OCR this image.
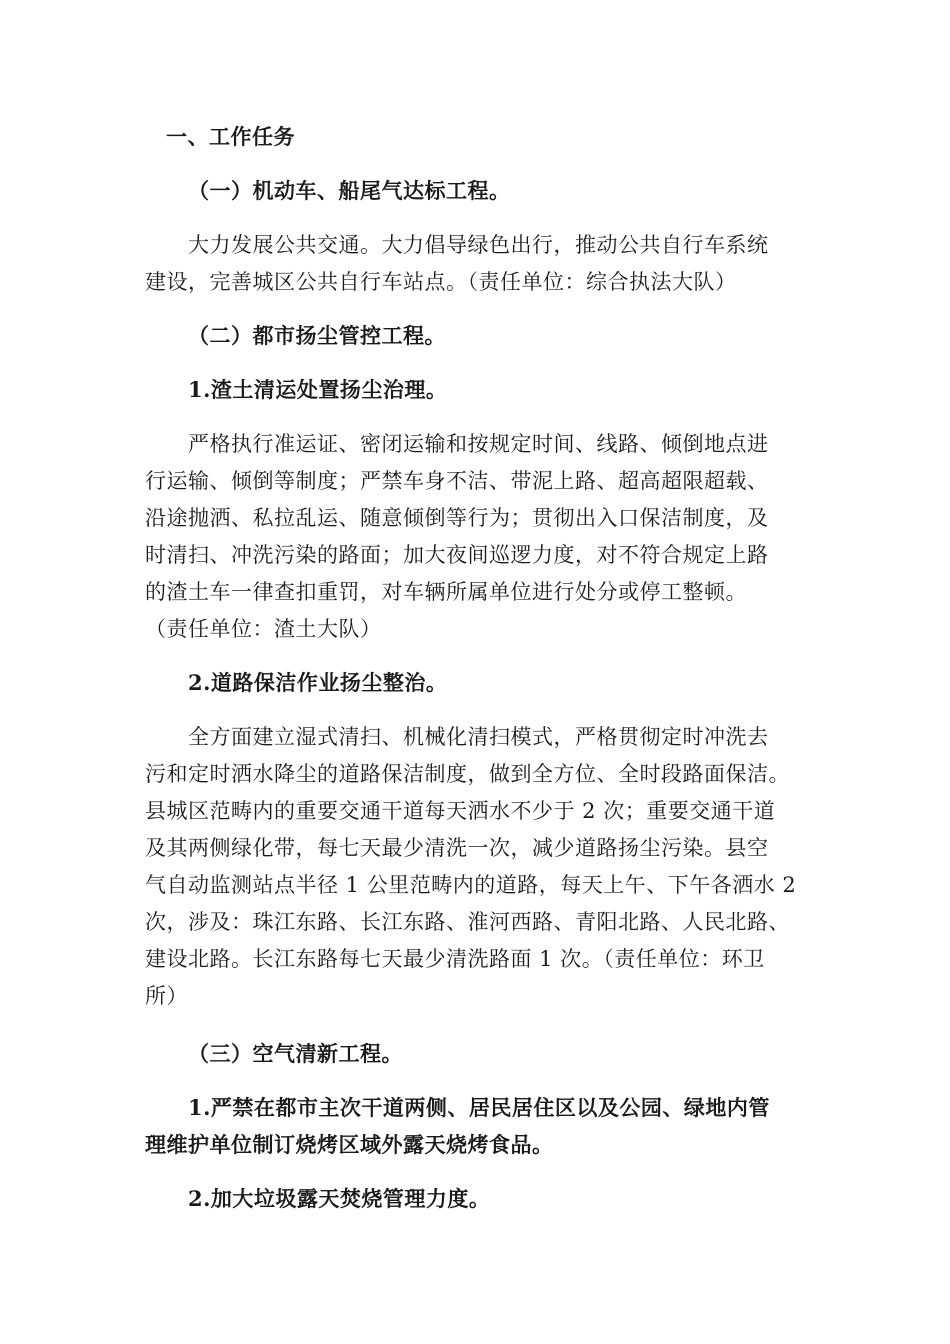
一、工作任务
（一）机动车、船尾气达标工程。
大力发展公共交通。大力倡导绿色出行，推动公共自行车系统
建设，完善城区公共自行车站点。（责任单位：综合执法大队）
（二）都市扬尘管控工程。
1.渣土清运处置扬尘治理。
严格执行准运证、密闭运输和按规定时间、线路、倾倒地点进
行运输、倾倒等制度；严禁车身不洁、带泥上路、超高超限超载、
沿途抛洒、私拉乱运、随意倾倒等行为；贯彻出入口保洁制度，及
时清扫、冲洗污染的路面；加大夜间巡逻力度，对不符合规定上路
的渣土车一律查扣重罚，对车辆所属单位进行处分或停工整顿。
（责任单位：渣土大队）
2.道路保洁作业扬尘整治。
全方面建立湿式清扫、机械化清扫模式，严格贯彻定时冲洗去
污和定时洒水降尘的道路保洁制度，做到全方位、全时段路面保洁。
县城区范畴内的重要交通干道每天洒水不少于 2 次；重要交通干道
及其两侧绿化带，每七天最少清洗一次，减少道路扬尘污染。县空
气自动监测站点半径 1 公里范畴内的道路，每天上午、下午各洒水 2
次，涉及：珠江东路、长江东路、淮河西路、青阳北路、人民北路、
建设北路。长江东路每七天最少清洗路面 1 次。（责任单位：环卫
所）
（三）空气清新工程。
1.严禁在都市主次干道两侧、居民居住区以及公园、绿地内管
理维护单位制订烧烤区域外露天烧烤食品。
2.加大垃圾露天焚烧管理力度。
